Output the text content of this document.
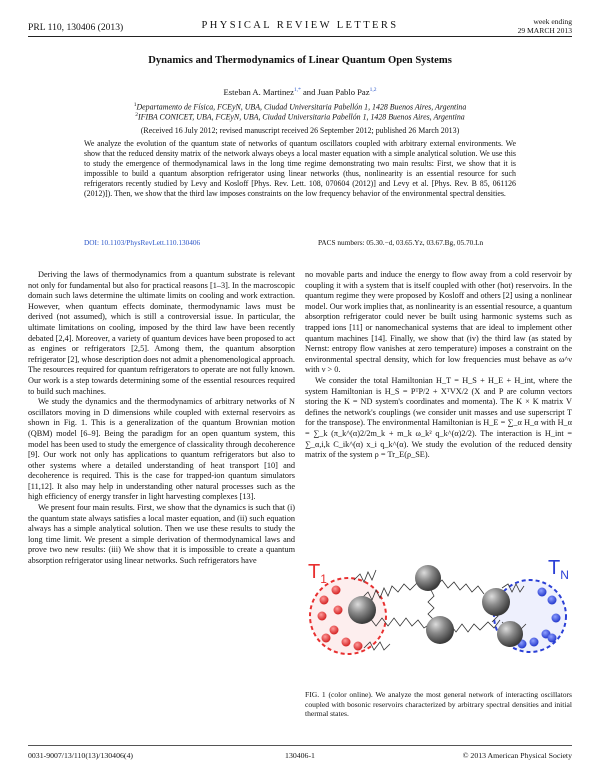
PRL 110, 130406 (2013)	PHYSICAL REVIEW LETTERS	week ending
29 MARCH 2013
Dynamics and Thermodynamics of Linear Quantum Open Systems
Esteban A. Martinez$^{1,*}$ and Juan Pablo Paz$^{1,2}$
$^1$Departamento de Física, FCEyN, UBA, Ciudad Universitaria Pabellón 1, 1428 Buenos Aires, Argentina
$^2$IFIBA CONICET, UBA, FCEyN, UBA, Ciudad Universitaria Pabellón 1, 1428 Buenos Aires, Argentina
(Received 16 July 2012; revised manuscript received 26 September 2012; published 26 March 2013)
We analyze the evolution of the quantum state of networks of quantum oscillators coupled with arbitrary external environments. We show that the reduced density matrix of the network always obeys a local master equation with a simple analytical solution. We use this to study the emergence of thermodynamical laws in the long time regime demonstrating two main results: First, we show that it is impossible to build a quantum absorption refrigerator using linear networks (thus, nonlinearity is an essential resource for such refrigerators recently studied by Levy and Kosloff [Phys. Rev. Lett. 108, 070604 (2012)] and Levy et al. [Phys. Rev. B 85, 061126 (2012)]). Then, we show that the third law imposes constraints on the low frequency behavior of the environmental spectral densities.
DOI: 10.1103/PhysRevLett.110.130406	PACS numbers: 05.30.−d, 03.65.Yz, 03.67.Bg, 05.70.Ln

Deriving the laws of thermodynamics from a quantum substrate is relevant not only for fundamental but also for practical reasons [1–3]. In the macroscopic domain such laws determine the ultimate limits on cooling and work extraction. However, when quantum effects dominate, thermodynamic laws must be derived (not assumed), which is still a controversial issue. In particular, the ultimate limitations on cooling, imposed by the third law have been recently debated [2,4]. Moreover, a variety of quantum devices have been proposed to act as engines or refrigerators [2,5]. Among them, the quantum absorption refrigerator [2], whose description does not admit a phenomenological approach. The resources required for quantum refrigerators to operate are not fully known. Our work is a step towards determining some of the essential resources required to build such machines.

We study the dynamics and the thermodynamics of arbitrary networks of N oscillators moving in D dimensions while coupled with external reservoirs as shown in Fig. 1. This is a generalization of the quantum Brownian motion (QBM) model [6–9]. Being the paradigm for an open quantum system, this model has been used to study the emergence of classicality through decoherence [9]. Our work not only has applications to quantum refrigerators but also to other systems where a detailed understanding of heat transport [10] and decoherence is required. This is the case for trapped-ion quantum simulators [11,12]. It also may help in understanding other natural processes such as the high efficiency of energy transfer in light harvesting complexes [13].

We present four main results. First, we show that the dynamics is such that (i) the quantum state always satisfies a local master equation, and (ii) such equation always has a simple analytical solution. Then we use these results to study the long time limit. We present a simple derivation of thermodynamical laws and prove two new results: (iii) We show that it is impossible to create a quantum absorption refrigerator using linear networks. Such refrigerators have

no movable parts and induce the energy to flow away from a cold reservoir by coupling it with a system that is itself coupled with other (hot) reservoirs. In the quantum regime they were proposed by Kosloff and others [2] using a nonlinear model. Our work implies that, as nonlinearity is an essential resource, a quantum absorption refrigerator could never be built using harmonic systems such as trapped ions [11] or nanomechanical systems that are ideal to implement other quantum machines [14]. Finally, we show that (iv) the third law (as stated by Nernst: entropy flow vanishes at zero temperature) imposes a constraint on the environmental spectral density, which for low frequencies must behave as ω^ν with ν > 0.

We consider the total Hamiltonian H_T = H_S + H_E + H_int, where the system Hamiltonian is H_S = PᵀP/2 + XᵀVX/2 (X and P are column vectors storing the K = ND system's coordinates and momenta). The K × K matrix V defines the network's couplings (we consider unit masses and use superscript T for the transpose). The environmental Hamiltonian is H_E = ∑_α H_α with H_α = ∑_k (π_k^(α)2/2m_k + m_k ω_k² q_k^(α)2/2). The interaction is H_int = ∑_α,i,k C_ik^(α) x_i q_k^(α). We study the evolution of the reduced density matrix of the system ρ = Tr_E(ρ_SE).

$T_1$	$T_N$
FIG. 1 (color online). We analyze the most general network of interacting oscillators coupled with bosonic reservoirs characterized by arbitrary spectral densities and initial thermal states.
0031-9007/13/110(13)/130406(4)	130406-1	© 2013 American Physical Society
